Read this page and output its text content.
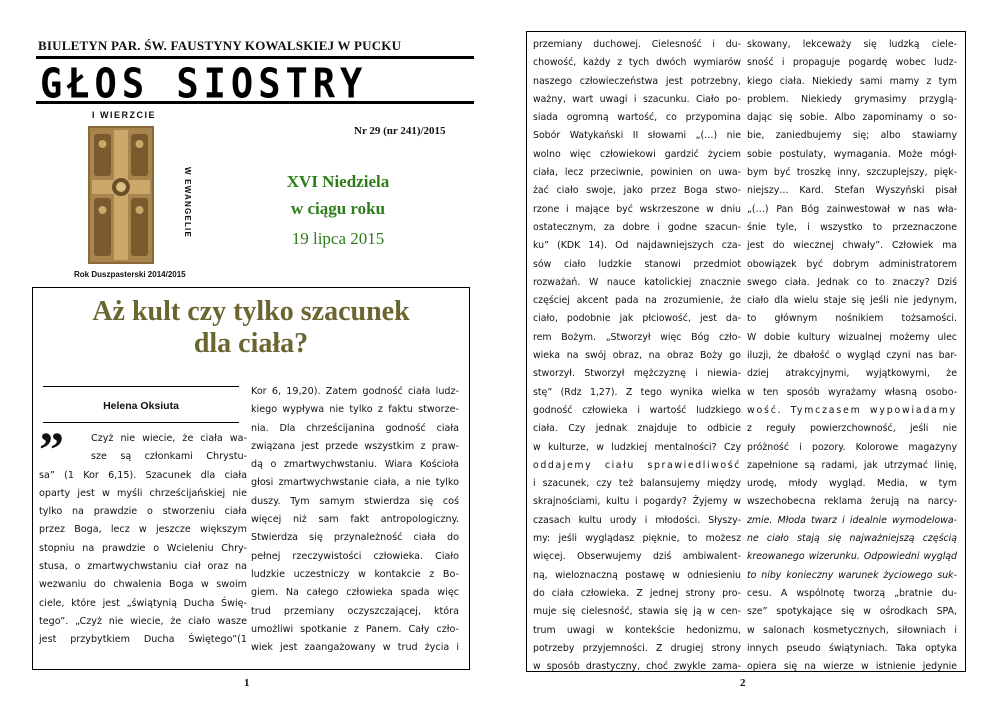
BIULETYN PAR. ŚW. FAUSTYNY KOWALSKIEJ W PUCKU
GŁOS SIOSTRY
I WIERZCIE
W EWANGELIE
Rok Duszpasterski 2014/2015
Nr 29 (nr 241)/2015
XVI Niedziela
w ciągu roku
19 lipca 2015
Aż kult czy tylko szacunek
dla ciała?
Helena Oksiuta
”	Czyż nie wiecie, że ciała wa-
sze są członkami Chrystu-
sa” (1 Kor 6,15). Szacunek dla ciała
oparty jest w myśli chrześcijańskiej nie
tylko na prawdzie o stworzeniu ciała
przez Boga, lecz w jeszcze większym
stopniu na prawdzie o Wcieleniu Chry-
stusa, o zmartwychwstaniu ciał oraz na
wezwaniu do chwalenia Boga w swoim
ciele, które jest „świątynią Ducha Świę-
tego”. „Czyż nie wiecie, że ciało wasze
jest przybytkiem Ducha Świętego”(1
Kor 6, 19,20). Zatem godność ciała ludz-
kiego wypływa nie tylko z faktu stworze-
nia. Dla chrześcijanina godność ciała
związana jest przede wszystkim z praw-
dą o zmartwychwstaniu. Wiara Kościoła
głosi zmartwychwstanie ciała, a nie tylko
duszy. Tym samym stwierdza się coś
więcej niż sam fakt antropologiczny.
Stwierdza się przynależność ciała do
pełnej rzeczywistości człowieka. Ciało
ludzkie uczestniczy w kontakcie z Bo-
giem. Na całego człowieka spada więc
trud przemiany oczyszczającej, która
umożliwi spotkanie z Panem. Cały czło-
wiek jest zaangażowany w trud życia i
1
przemiany duchowej. Cielesność i du-
chowość, każdy z tych dwóch wymiarów
naszego człowieczeństwa jest potrzebny,
ważny, wart uwagi i szacunku. Ciało po-
siada ogromną wartość, co przypomina
Sobór Watykański II słowami „(…) nie
wolno więc człowiekowi gardzić życiem
ciała, lecz przeciwnie, powinien on uwa-
żać ciało swoje, jako przez Boga stwo-
rzone i mające być wskrzeszone w dniu
ostatecznym, za dobre i godne szacun-
ku” (KDK 14). Od najdawniejszych cza-
sów ciało ludzkie stanowi przedmiot
rozważań. W nauce katolickiej znacznie
częściej akcent pada na zrozumienie, że
ciało, podobnie jak płciowość, jest da-
rem Bożym. „Stworzył więc Bóg czło-
wieka na swój obraz, na obraz Boży go
stworzył. Stworzył mężczyznę i niewia-
stę” (Rdz 1,27). Z tego wynika wielka
godność człowieka i wartość ludzkiego
ciała. Czy jednak znajduje to odbicie
w kulturze, w ludzkiej mentalności? Czy
oddajemy ciału sprawiedliwość
i szacunek, czy też balansujemy między
skrajnościami, kultu i pogardy? Żyjemy w
czasach kultu urody i młodości. Słyszy-
my: jeśli wyglądasz pięknie, to możesz
więcej. Obserwujemy dziś ambiwalent-
ną, wieloznaczną postawę w odniesieniu
do ciała człowieka. Z jednej strony pro-
muje się cielesność, stawia się ją w cen-
trum uwagi w kontekście hedonizmu,
potrzeby przyjemności. Z drugiej strony
w sposób drastyczny, choć zwykle zama-
skowany, lekceważy się ludzką ciele-
sność i propaguje pogardę wobec ludz-
kiego ciała. Niekiedy sami mamy z tym
problem. Niekiedy grymasimy przyglą-
dając się sobie. Albo zapominamy o so-
bie, zaniedbujemy się; albo stawiamy
sobie postulaty, wymagania. Może mógł-
bym być troszkę inny, szczuplejszy, pięk-
niejszy… Kard. Stefan Wyszyński pisał
„(…) Pan Bóg zainwestował w nas wła-
śnie tyle, i wszystko to przeznaczone
jest do wiecznej chwały”. Człowiek ma
obowiązek być dobrym administratorem
swego ciała. Jednak co to znaczy? Dziś
ciało dla wielu staje się jeśli nie jedynym,
to głównym nośnikiem tożsamości.
W dobie kultury wizualnej możemy ulec
iluzji, że dbałość o wygląd czyni nas bar-
dziej atrakcyjnymi, wyjątkowymi, że
w ten sposób wyrażamy własną osobo-
wość. Tymczasem wypowiadamy
z reguły powierzchowność, jeśli nie
próżność i pozory. Kolorowe magazyny
zapełnione są radami, jak utrzymać linię,
urodę, młody wygląd. Media, w tym
wszechobecna reklama żerują na narcy-
zmie. Młoda twarz i idealnie wymodelowa-
ne ciało stają się najważniejszą częścią
kreowanego wizerunku. Odpowiedni wygląd
to niby konieczny warunek życiowego suk-
cesu. A wspólnotę tworzą „bratnie du-
sze” spotykające się w ośrodkach SPA,
w salonach kosmetycznych, siłowniach i
innych pseudo świątyniach. Taka optyka
opiera się na wierze w istnienie jedynie
2
